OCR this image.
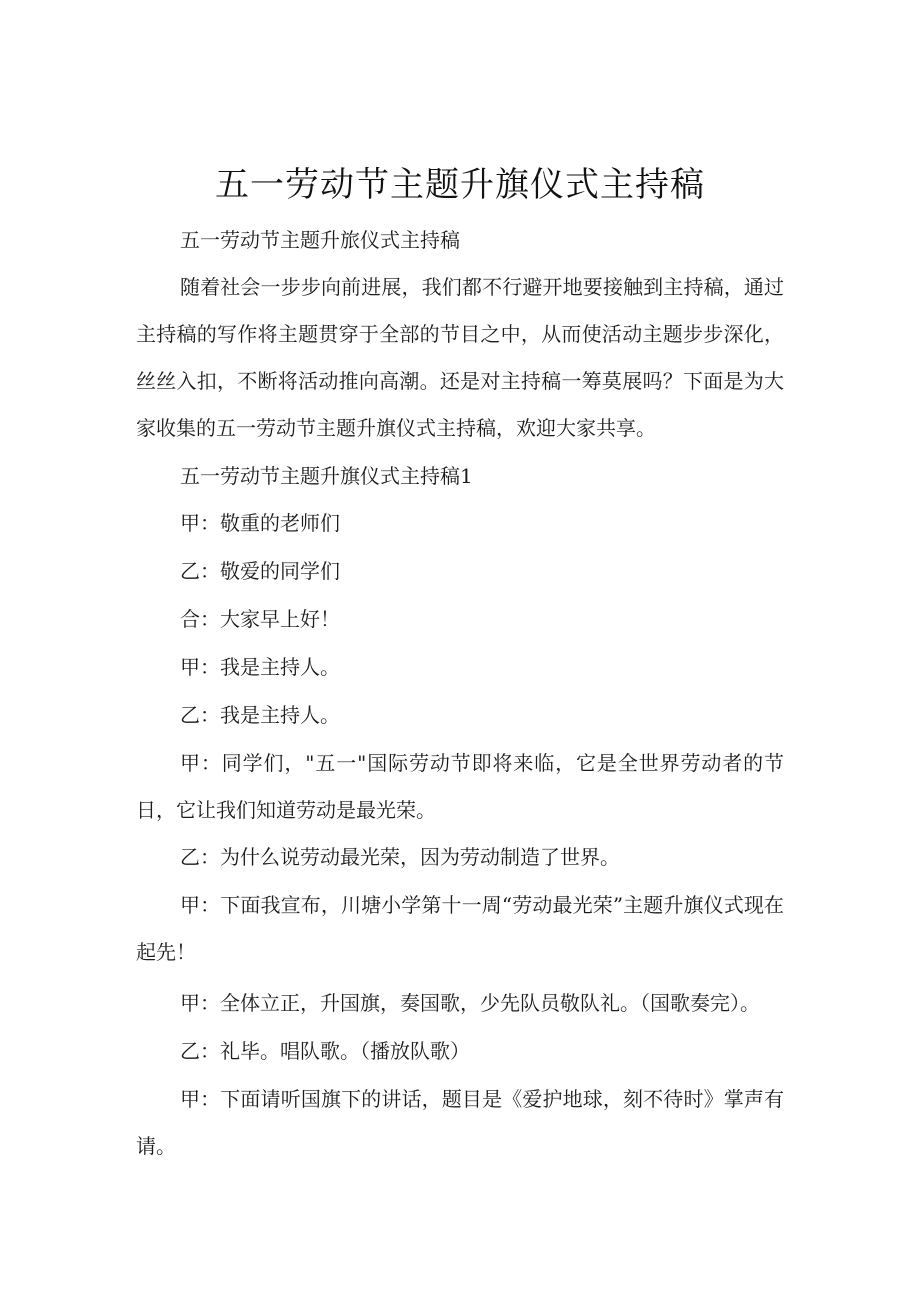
五一劳动节主题升旗仪式主持稿

五一劳动节主题升旅仪式主持稿

随着社会一步步向前进展，我们都不行避开地要接触到主持稿，通过主持稿的写作将主题贯穿于全部的节目之中，从而使活动主题步步深化，丝丝入扣，不断将活动推向高潮。还是对主持稿一筹莫展吗？下面是为大家收集的五一劳动节主题升旗仪式主持稿，欢迎大家共享。

五一劳动节主题升旗仪式主持稿1

甲：敬重的老师们

乙：敬爱的同学们

合：大家早上好！

甲：我是主持人。

乙：我是主持人。

甲：同学们，"五一"国际劳动节即将来临，它是全世界劳动者的节日，它让我们知道劳动是最光荣。

乙：为什么说劳动最光荣，因为劳动制造了世界。

甲：下面我宣布，川塘小学第十一周“劳动最光荣”主题升旗仪式现在起先！

甲：全体立正，升国旗，奏国歌，少先队员敬队礼。（国歌奏完）。

乙：礼毕。唱队歌。（播放队歌）

甲：下面请听国旗下的讲话，题目是《爱护地球，刻不待时》掌声有请。
